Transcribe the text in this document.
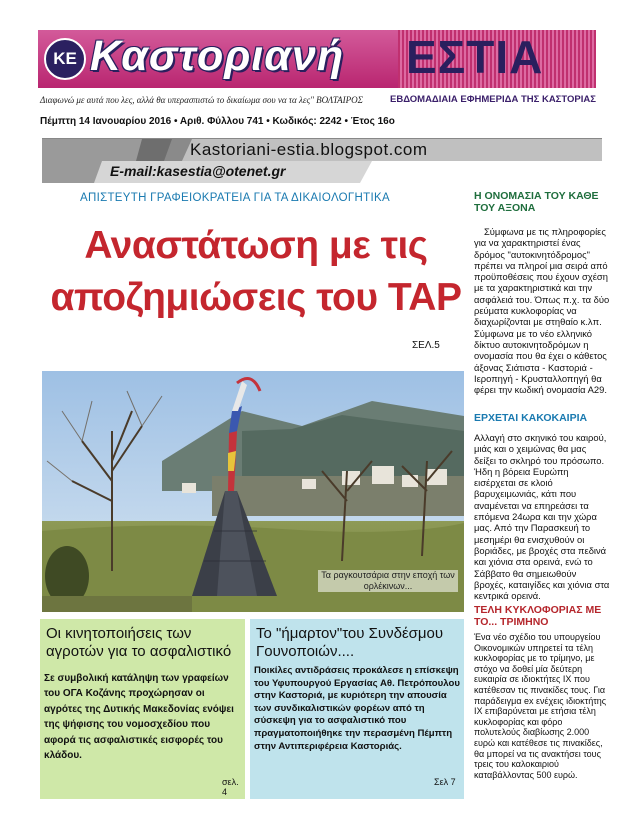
KE Καστοριανή ΕΣΤΙΑ
Διαφωνώ με αυτά που λες, αλλά θα υπερασπιστώ το δικαίωμα σου να τα λες" ΒΟΛΤΑΙΡΟΣ	ΕΒΔΟΜΑΔΙΑΙΑ ΕΦΗΜΕΡΙΔΑ ΤΗΣ ΚΑΣΤΟΡΙΑΣ
Πέμπτη 14 Ιανουαρίου 2016 • Αριθ. Φύλλου 741 • Κωδικός: 2242 • Έτος 16ο
Kastoriani-estia.blogspot.com
E-mail:kasestia@otenet.gr
ΑΠΙΣΤΕΥΤΗ ΓΡΑΦΕΙΟΚΡΑΤΕΙΑ ΓΙΑ ΤΑ ΔΙΚΑΙΟΛΟΓΗΤΙΚΑ
Αναστάτωση με τις
αποζημιώσεις του ΤΑΡ
ΣΕΛ.5
Τα ραγκουτσάρια στην εποχή των ορλέκινων...
Οι κινητοποιήσεις των αγροτών για το ασφαλιστικό
Σε συμβολική κατάληψη των γραφείων του ΟΓΑ Κοζάνης προχώρησαν οι αγρότες της Δυτικής Μακεδονίας ενόψει της ψήφισης του νομοσχεδίου που αφορά τις ασφαλιστικές εισφορές του κλάδου.
σελ. 4
Το "ήμαρτον"του Συνδέσμου Γουνοποιών....
Ποικίλες αντιδράσεις προκάλεσε η επίσκεψη του Υφυπουργού Εργασίας Αθ. Πετρόπουλου στην Καστοριά, με κυριότερη την απουσία των συνδικαλιστικών φορέων από τη σύσκεψη για το ασφαλιστικό που πραγματοποιήθηκε την περασμένη Πέμπτη στην Αντιπεριφέρεια Καστοριάς.
Σελ 7
Η ΟΝΟΜΑΣΙΑ ΤΟΥ ΚΑΘΕ ΤΟΥ ΑΞΟΝΑ
Σύμφωνα με τις πληροφορίες για να χαρακτηριστεί ένας δρόμος "αυτοκινητόδρομος" πρέπει να πληροί μια σειρά από προϋποθέσεις που έχουν σχέση με τα χαρακτηριστικά και την ασφάλειά του. Όπως π.χ. τα δύο ρεύματα κυκλοφορίας να διαχωρίζονται με στηθαίο κ.λπ. Σύμφωνα με το νέο ελληνικό δίκτυο αυτοκινητοδρόμων η ονομασία που θα έχει ο κάθετος άξονας Σιάτιστα - Καστοριά - Ιεροπηγή - Κρυσταλλοπηγή θα φέρει την κωδική ονομασία Α29.
ΕΡΧΕΤΑΙ ΚΑΚΟΚΑΙΡΙΑ
Αλλαγή στο σκηνικό του καιρού, μιάς και ο χειμώνας θα μας δείξει το σκληρό του πρόσωπο. Ήδη η βόρεια Ευρώπη εισέρχεται σε κλοιό βαρυχειμωνιάς, κάτι που αναμένεται να επηρεάσει τα επόμενα 24ωρα και την χώρα μας. Από την Παρασκευή το μεσημέρι θα ενισχυθούν οι βοριάδες, με βροχές στα πεδινά και χιόνια στα ορεινά, ενώ το Σάββατο θα σημειωθούν βροχές, καταιγίδες και χιόνια στα κεντρικά ορεινά.
ΤΕΛΗ ΚΥΚΛΟΦΟΡΙΑΣ ΜΕ ΤΟ... ΤΡΙΜΗΝΟ
Ένα νέο σχέδιο του υπουργείου Οικονομικών υπηρετεί τα τέλη κυκλοφορίας με το τρίμηνο, με στόχο να δοθεί μία δεύτερη ευκαιρία σε ιδιοκτήτες ΙΧ που κατέθεσαν τις πινακίδες τους. Για παράδειγμα ex ενέχεις ιδιοκτήτης ΙΧ επιβαρύνεται με ετήσια τέλη κυκλοφορίας και φόρο πολυτελούς διαβίωσης 2.000 ευρώ και κατέθεσε τις πινακίδες, θα μπορεί να τις ανακτήσει τους τρεις του καλοκαιριού καταβάλλοντας 500 ευρώ.
